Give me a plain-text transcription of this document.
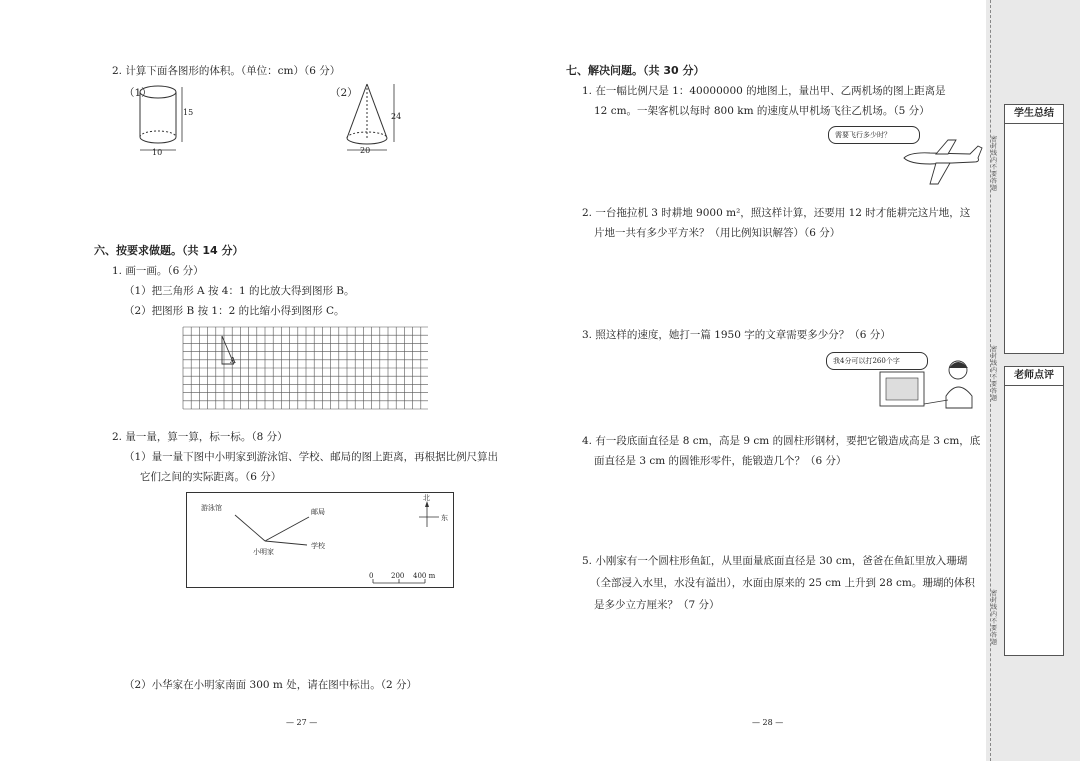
2. 计算下面各图形的体积。（单位：cm）（6 分）
（1）
15
10
（2）
24
20
六、按要求做题。（共 14 分）
1. 画一画。（6 分）
（1）把三角形 A 按 4：1 的比放大得到图形 B。
（2）把图形 B 按 1：2 的比缩小得到图形 C。
A
2. 量一量，算一算，标一标。（8 分）
（1）量一量下图中小明家到游泳馆、学校、邮局的图上距离，再根据比例尺算出
它们之间的实际距离。（6 分）
游泳馆	邮局
小明家
学校
北
东
0	200 400 m
（2）小华家在小明家南面 300 m 处，请在图中标出。（2 分）
— 27 —
七、解决问题。（共 30 分）
1. 在一幅比例尺是 1：40000000 的地图上，量出甲、乙两机场的图上距离是
12 cm。一架客机以每时 800 km 的速度从甲机场飞往乙机场。（5 分）
需要飞行多少时？
2. 一台拖拉机 3 时耕地 9000 m²，照这样计算，还要用 12 时才能耕完这片地，这
片地一共有多少平方米？（用比例知识解答）（6 分）
3. 照这样的速度，她打一篇 1950 字的文章需要多少分？（6 分）
我4分可以打260个字
4. 有一段底面直径是 8 cm，高是 9 cm 的圆柱形钢材，要把它锻造成高是 3 cm，底
面直径是 3 cm 的圆锥形零件，能锻造几个？（6 分）
5. 小刚家有一个圆柱形鱼缸，从里面量底面直径是 30 cm，爸爸在鱼缸里放入珊瑚
（全部浸入水里，水没有溢出），水面由原来的 25 cm 上升到 28 cm。珊瑚的体积
是多少立方厘米？（7 分）
— 28 —
密封线内不要答题
密封线内不要答题
密封线内不要答题
学生总结
老师点评
